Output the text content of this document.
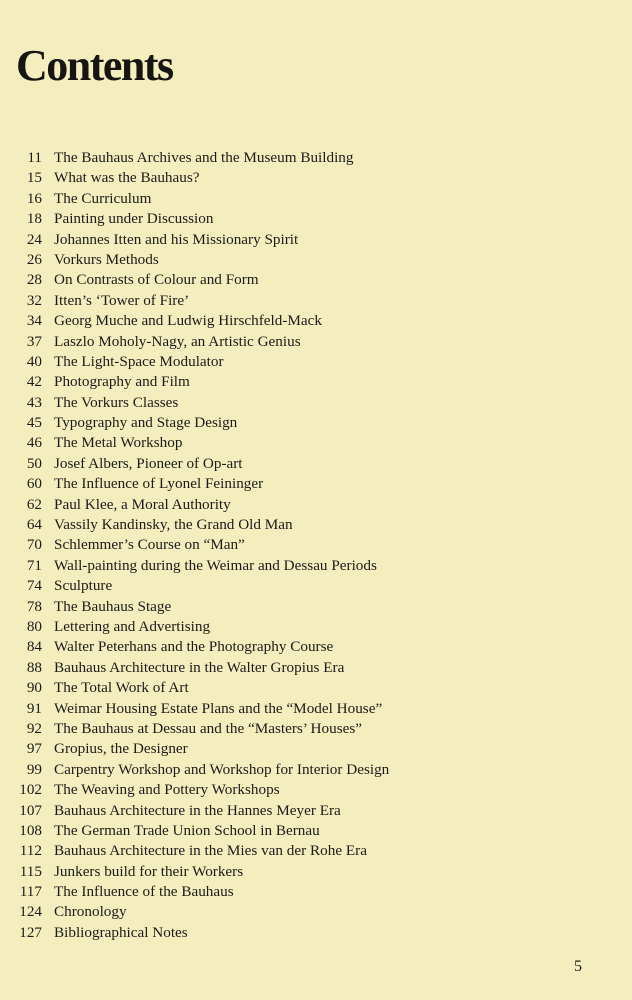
Contents
11 The Bauhaus Archives and the Museum Building
15 What was the Bauhaus?
16 The Curriculum
18 Painting under Discussion
24 Johannes Itten and his Missionary Spirit
26 Vorkurs Methods
28 On Contrasts of Colour and Form
32 Itten’s ‘Tower of Fire’
34 Georg Muche and Ludwig Hirschfeld-Mack
37 Laszlo Moholy-Nagy, an Artistic Genius
40 The Light-Space Modulator
42 Photography and Film
43 The Vorkurs Classes
45 Typography and Stage Design
46 The Metal Workshop
50 Josef Albers, Pioneer of Op-art
60 The Influence of Lyonel Feininger
62 Paul Klee, a Moral Authority
64 Vassily Kandinsky, the Grand Old Man
70 Schlemmer’s Course on “Man”
71 Wall-painting during the Weimar and Dessau Periods
74 Sculpture
78 The Bauhaus Stage
80 Lettering and Advertising
84 Walter Peterhans and the Photography Course
88 Bauhaus Architecture in the Walter Gropius Era
90 The Total Work of Art
91 Weimar Housing Estate Plans and the “Model House”
92 The Bauhaus at Dessau and the “Masters’ Houses”
97 Gropius, the Designer
99 Carpentry Workshop and Workshop for Interior Design
102 The Weaving and Pottery Workshops
107 Bauhaus Architecture in the Hannes Meyer Era
108 The German Trade Union School in Bernau
112 Bauhaus Architecture in the Mies van der Rohe Era
115 Junkers build for their Workers
117 The Influence of the Bauhaus
124 Chronology
127 Bibliographical Notes
5
